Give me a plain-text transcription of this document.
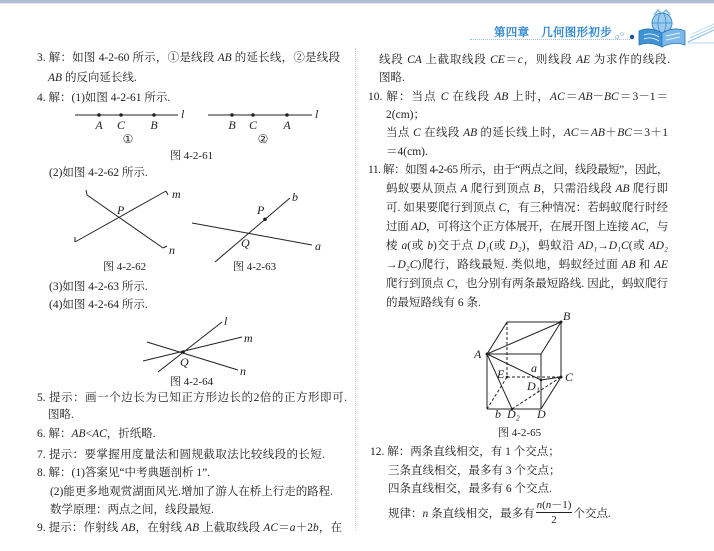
第四章　几何图形初步
3. 解：如图 4-2-60 所示，①是线段 AB 的延长线，②是线段
AB 的反向延长线.
4. 解：(1)如图 4-2-61 所示.
A C B
l
①
B C A
l
②
图 4-2-61
(2)如图 4-2-62 所示.
P
m
n
图 4-2-62
P
Q	a
b
图 4-2-63
(3)如图 4-2-63 所示.
(4)如图 4-2-64 所示.
Q
l
m
n
图 4-2-64
5. 提示：画一个边长为已知正方形边长的2倍的正方形即可.
图略.
6. 解：AB<AC，折纸略.
7. 提示：要掌握用度量法和圆规截取法比较线段的长短.
8. 解：(1)答案见“中考典题剖析 1”.
(2)能更多地观赏湖面风光.增加了游人在桥上行走的路程.
数学原理：两点之间，线段最短.
9. 提示：作射线 AB，在射线 AB 上截取线段 AC＝a＋2b，在
线段 CA 上截取线段 CE＝c，则线段 AE 为求作的线段.
图略.
10. 解：当点 C 在线段 AB 上时，AC＝AB－BC＝3－1＝
2(cm)；
当点 C 在线段 AB 的延长线上时，AC＝AB＋BC＝3＋1
＝4(cm).
11. 解：如图 4-2-65 所示，由于“两点之间，线段最短”，因此，
蚂蚁要从顶点 A 爬行到顶点 B，只需沿线段 AB 爬行即
可. 如果要爬行到顶点 C，有三种情况：若蚂蚁爬行时经
过面 AD，可将这个正方体展开，在展开图上连接 AC，与
棱 a(或 b)交于点 D₁(或 D₂)，蚂蚁沿 AD₁→D₁C(或 AD₂
→D₂C)爬行，路线最短. 类似地，蚂蚁经过面 AB 和 AE
爬行到顶点 C，也分别有两条最短路线. 因此，蚂蚁爬行
的最短路线有 6 条.
A
B
C
E a
D₁
b D₂ D
图 4-2-65
12. 解：两条直线相交，有 1 个交点；
三条直线相交，最多有 3 个交点；
四条直线相交，最多有 6 个交点.
规律：n 条直线相交，最多有 $\frac{n(n-1)}{2}$ 个交点.
